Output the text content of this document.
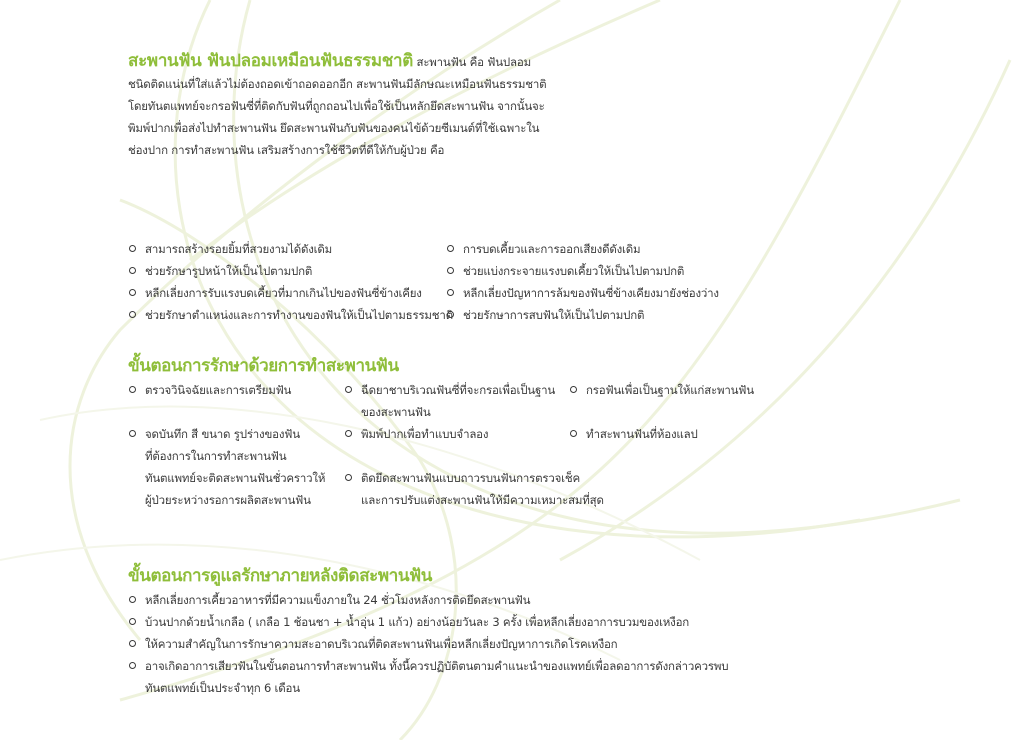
สะพานฟัน ฟันปลอมเหมือนฟันธรรมชาติ สะพานฟัน คือ ฟันปลอม
ชนิดติดแน่นที่ใส่แล้วไม่ต้องถอดเข้าถอดออกอีก สะพานฟันมีลักษณะเหมือนฟันธรรมชาติ
โดยทันตแพทย์จะกรอฟันซี่ที่ติดกับฟันที่ถูกถอนไปเพื่อใช้เป็นหลักยึดสะพานฟัน จากนั้นจะ
พิมพ์ปากเพื่อส่งไปทำสะพานฟัน ยึดสะพานฟันกับฟันของคนไข้ด้วยซีเมนต์ที่ใช้เฉพาะใน
ช่องปาก การทำสะพานฟัน เสริมสร้างการใช้ชีวิตที่ดีให้กับผู้ป่วย คือ
สามารถสร้างรอยยิ้มที่สวยงามได้ดังเดิม
ช่วยรักษารูปหน้าให้เป็นไปตามปกติ
หลีกเลี่ยงการรับแรงบดเคี้ยวที่มากเกินไปของฟันซี่ข้างเคียง
ช่วยรักษาตำแหน่งและการทำงานของฟันให้เป็นไปตามธรรมชาติ
การบดเคี้ยวและการออกเสียงดีดังเดิม
ช่วยแบ่งกระจายแรงบดเคี้ยวให้เป็นไปตามปกติ
หลีกเลี่ยงปัญหาการล้มของฟันซี่ข้างเคียงมายังช่องว่าง
ช่วยรักษาการสบฟันให้เป็นไปตามปกติ
ขั้นตอนการรักษาด้วยการทำสะพานฟัน
ตรวจวินิจฉัยและการเตรียมฟัน
จดบันทึก สี ขนาด รูปร่างของฟัน
ที่ต้องการในการทำสะพานฟัน
ทันตแพทย์จะติดสะพานฟันชั่วคราวให้
ผู้ป่วยระหว่างรอการผลิตสะพานฟัน
ฉีดยาชาบริเวณฟันซี่ที่จะกรอเพื่อเป็นฐาน
ของสะพานฟัน
พิมพ์ปากเพื่อทำแบบจำลอง
ติดยึดสะพานฟันแบบถาวรบนฟันการตรวจเช็ค
และการปรับแต่งสะพานฟันให้มีความเหมาะสมที่สุด
กรอฟันเพื่อเป็นฐานให้แก่สะพานฟัน
ทำสะพานฟันที่ห้องแลป
ขั้นตอนการดูแลรักษาภายหลังติดสะพานฟัน
หลีกเลี่ยงการเคี้ยวอาหารที่มีความแข็งภายใน 24 ชั่วโมงหลังการติดยึดสะพานฟัน
บ้วนปากด้วยน้ำเกลือ ( เกลือ 1 ช้อนชา + น้ำอุ่น 1 แก้ว) อย่างน้อยวันละ 3 ครั้ง เพื่อหลีกเลี่ยงอาการบวมของเหงือก
ให้ความสำคัญในการรักษาความสะอาดบริเวณที่ติดสะพานฟันเพื่อหลีกเลี่ยงปัญหาการเกิดโรคเหงือก
อาจเกิดอาการเสียวฟันในขั้นตอนการทำสะพานฟัน ทั้งนี้ควรปฏิบัติตนตามคำแนะนำของแพทย์เพื่อลดอาการดังกล่าวควรพบ
ทันตแพทย์เป็นประจำทุก 6 เดือน
